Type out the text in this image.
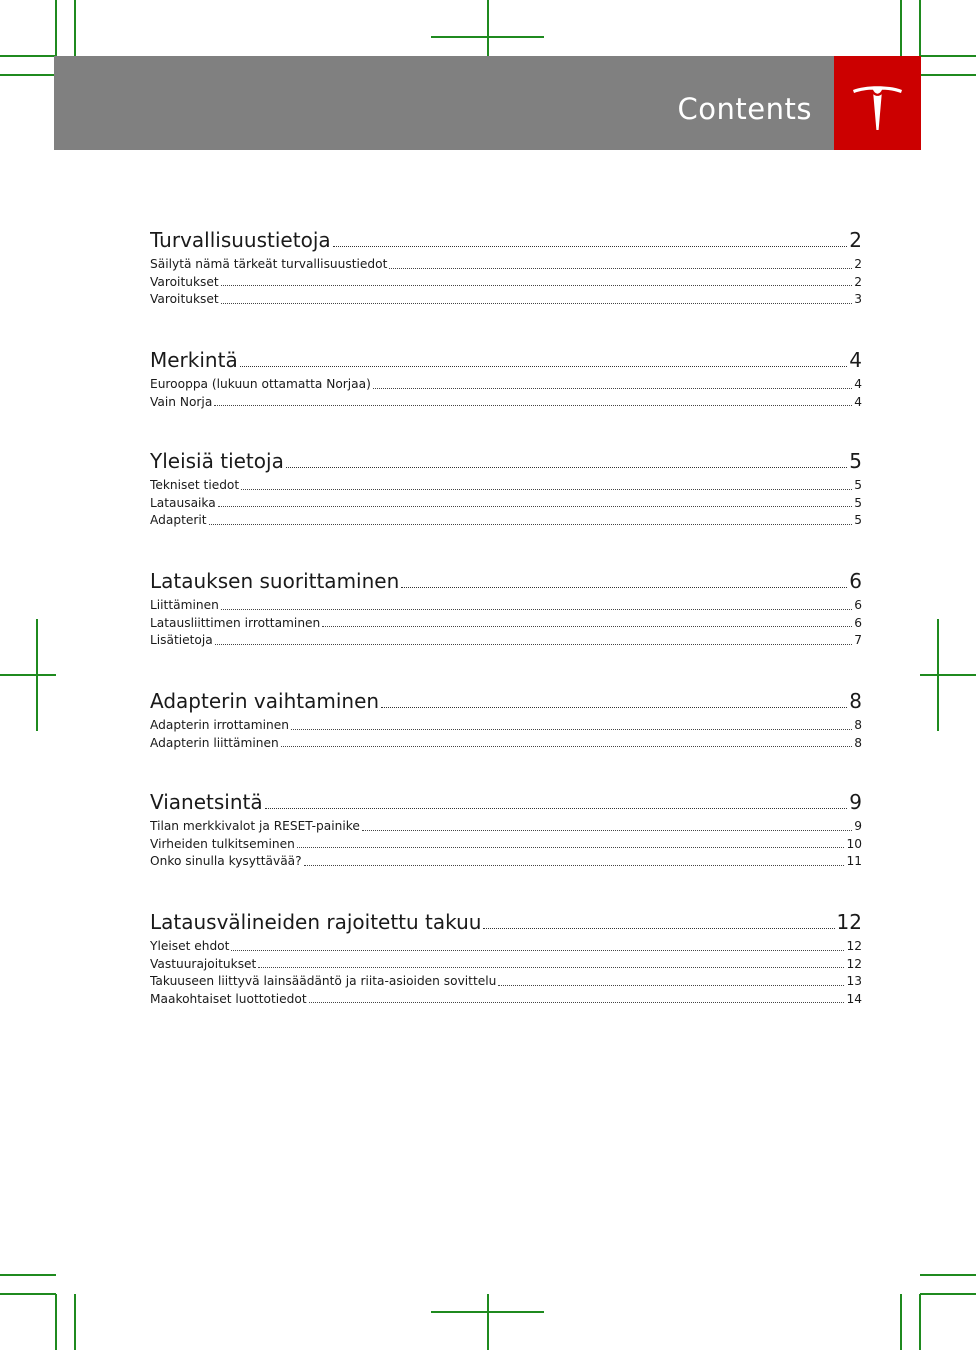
Contents
Turvallisuustietoja	2
Säilytä nämä tärkeät turvallisuustiedot	2
Varoitukset	2
Varoitukset	3
Merkintä	4
Eurooppa (lukuun ottamatta Norjaa)	4
Vain Norja	4
Yleisiä tietoja	5
Tekniset tiedot	5
Latausaika	5
Adapterit	5
Latauksen suorittaminen	6
Liittäminen	6
Latausliittimen irrottaminen	6
Lisätietoja	7
Adapterin vaihtaminen	8
Adapterin irrottaminen	8
Adapterin liittäminen	8
Vianetsintä	9
Tilan merkkivalot ja RESET-painike	9
Virheiden tulkitseminen	10
Onko sinulla kysyttävää?	11
Latausvälineiden rajoitettu takuu	12
Yleiset ehdot	12
Vastuurajoitukset	12
Takuuseen liittyvä lainsäädäntö ja riita-asioiden sovittelu	13
Maakohtaiset luottotiedot	14
